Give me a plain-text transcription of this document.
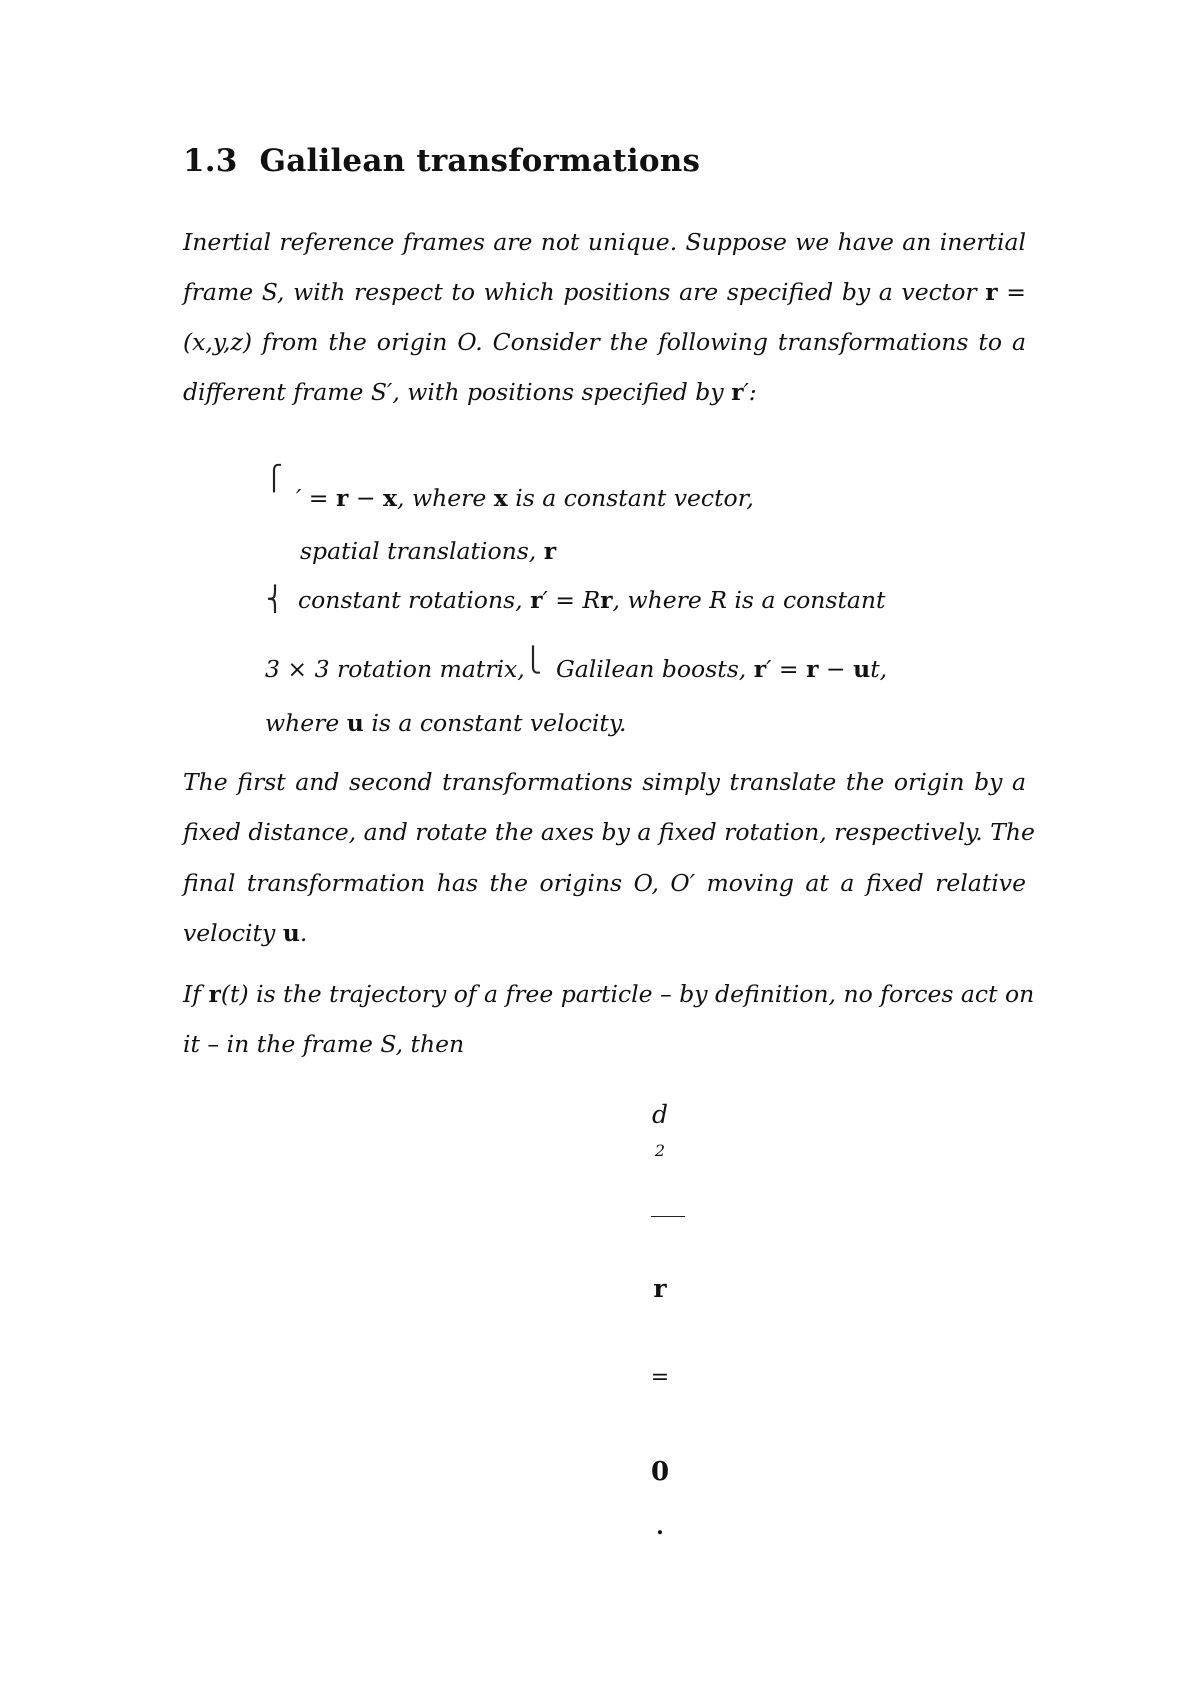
1.3 Galilean transformations
Inertial reference frames are not unique. Suppose we have an inertial
frame S, with respect to which positions are specified by a vector r =
(x,y,z) from the origin O. Consider the following transformations to a
different frame S′, with positions specified by r′:
⎧
′ = r − x, where x is a constant vector,
spatial translations, r
⎨ constant rotations, r′ = Rr, where R is a constant
3 × 3 rotation matrix, ⎩ Galilean boosts, r′ = r − ut,
where u is a constant velocity.
The first and second transformations simply translate the origin by a
fixed distance, and rotate the axes by a fixed rotation, respectively. The
final transformation has the origins O, O′ moving at a fixed relative
velocity u.
If r(t) is the trajectory of a free particle – by definition, no forces act on
it – in the frame S, then
d
2
r
=
0
.
